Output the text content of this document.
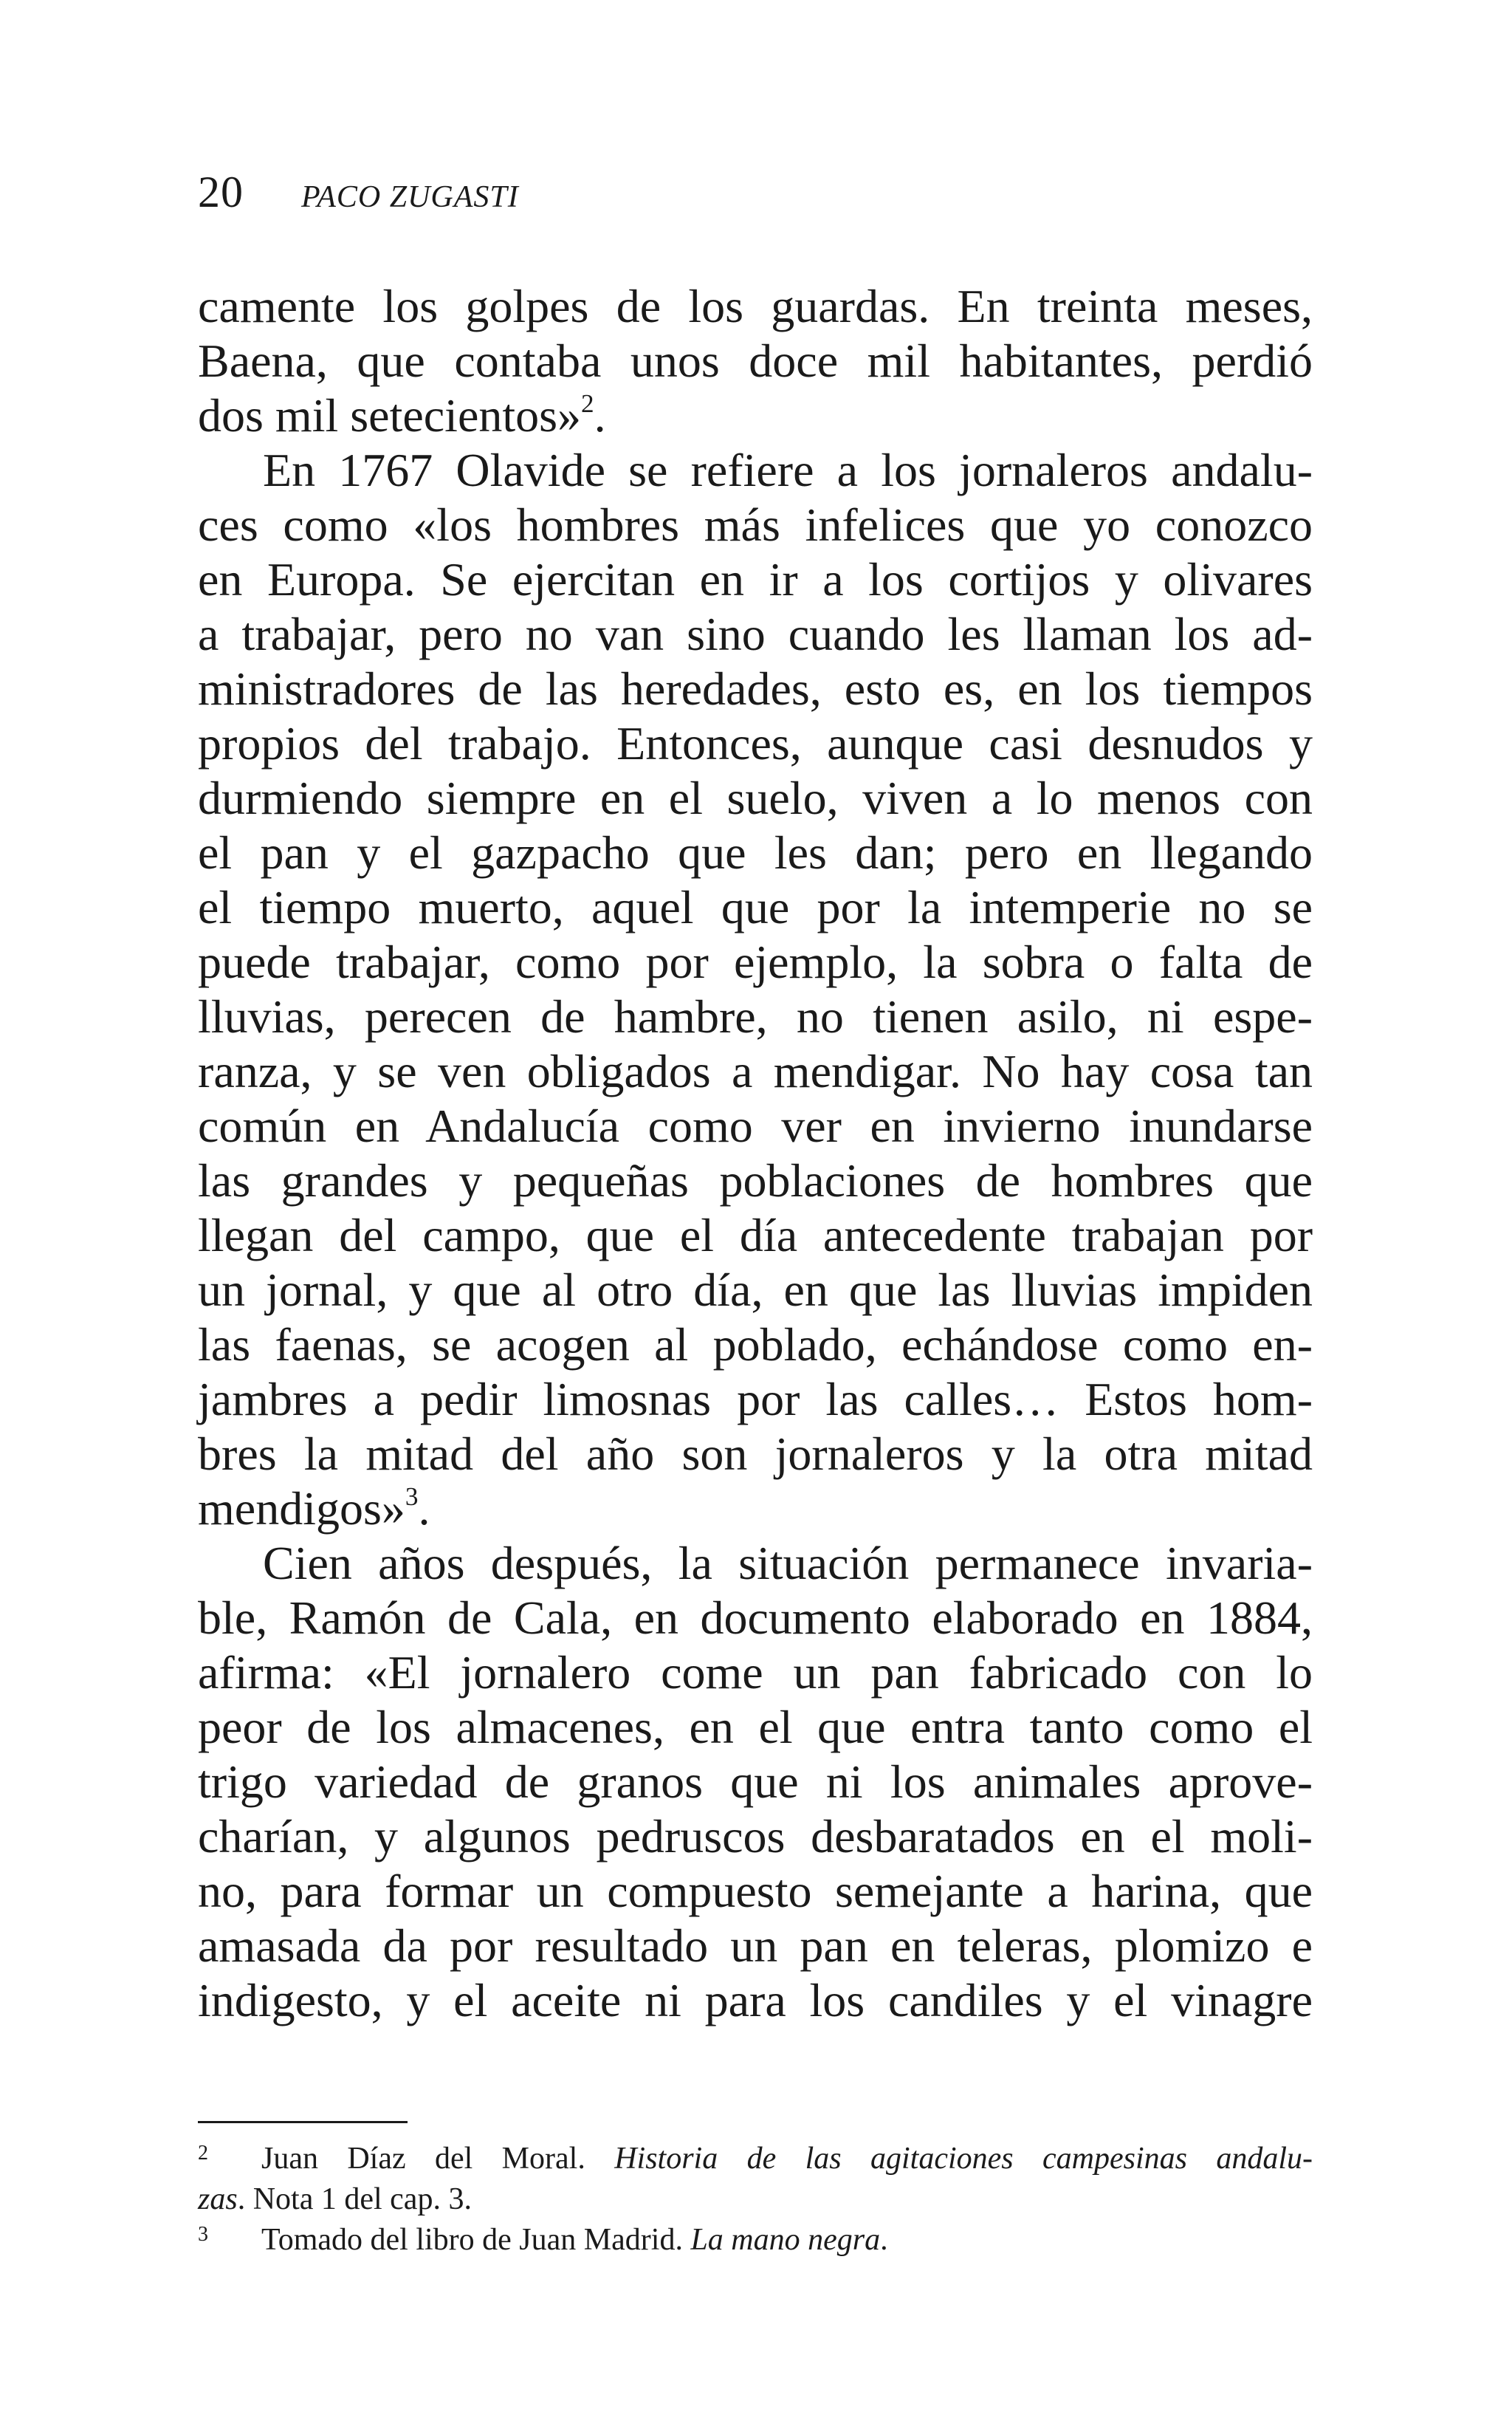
20 PACO ZUGASTI
camente los golpes de los guardas. En treinta meses,
Baena, que contaba unos doce mil habitantes, perdió
dos mil setecientos»$^2$.
En 1767 Olavide se refiere a los jornaleros andalu-
ces como «los hombres más infelices que yo conozco
en Europa. Se ejercitan en ir a los cortijos y olivares
a trabajar, pero no van sino cuando les llaman los ad-
ministradores de las heredades, esto es, en los tiempos
propios del trabajo. Entonces, aunque casi desnudos y
durmiendo siempre en el suelo, viven a lo menos con
el pan y el gazpacho que les dan; pero en llegando
el tiempo muerto, aquel que por la intemperie no se
puede trabajar, como por ejemplo, la sobra o falta de
lluvias, perecen de hambre, no tienen asilo, ni espe-
ranza, y se ven obligados a mendigar. No hay cosa tan
común en Andalucía como ver en invierno inundarse
las grandes y pequeñas poblaciones de hombres que
llegan del campo, que el día antecedente trabajan por
un jornal, y que al otro día, en que las lluvias impiden
las faenas, se acogen al poblado, echándose como en-
jambres a pedir limosnas por las calles… Estos hom-
bres la mitad del año son jornaleros y la otra mitad
mendigos»$^3$.
Cien años después, la situación permanece invaria-
ble, Ramón de Cala, en documento elaborado en 1884,
afirma: «El jornalero come un pan fabricado con lo
peor de los almacenes, en el que entra tanto como el
trigo variedad de granos que ni los animales aprove-
charían, y algunos pedruscos desbaratados en el moli-
no, para formar un compuesto semejante a harina, que
amasada da por resultado un pan en teleras, plomizo e
indigesto, y el aceite ni para los candiles y el vinagre
2 Juan Díaz del Moral. Historia de las agitaciones campesinas andalu-
zas. Nota 1 del cap. 3.
3 Tomado del libro de Juan Madrid. La mano negra.
